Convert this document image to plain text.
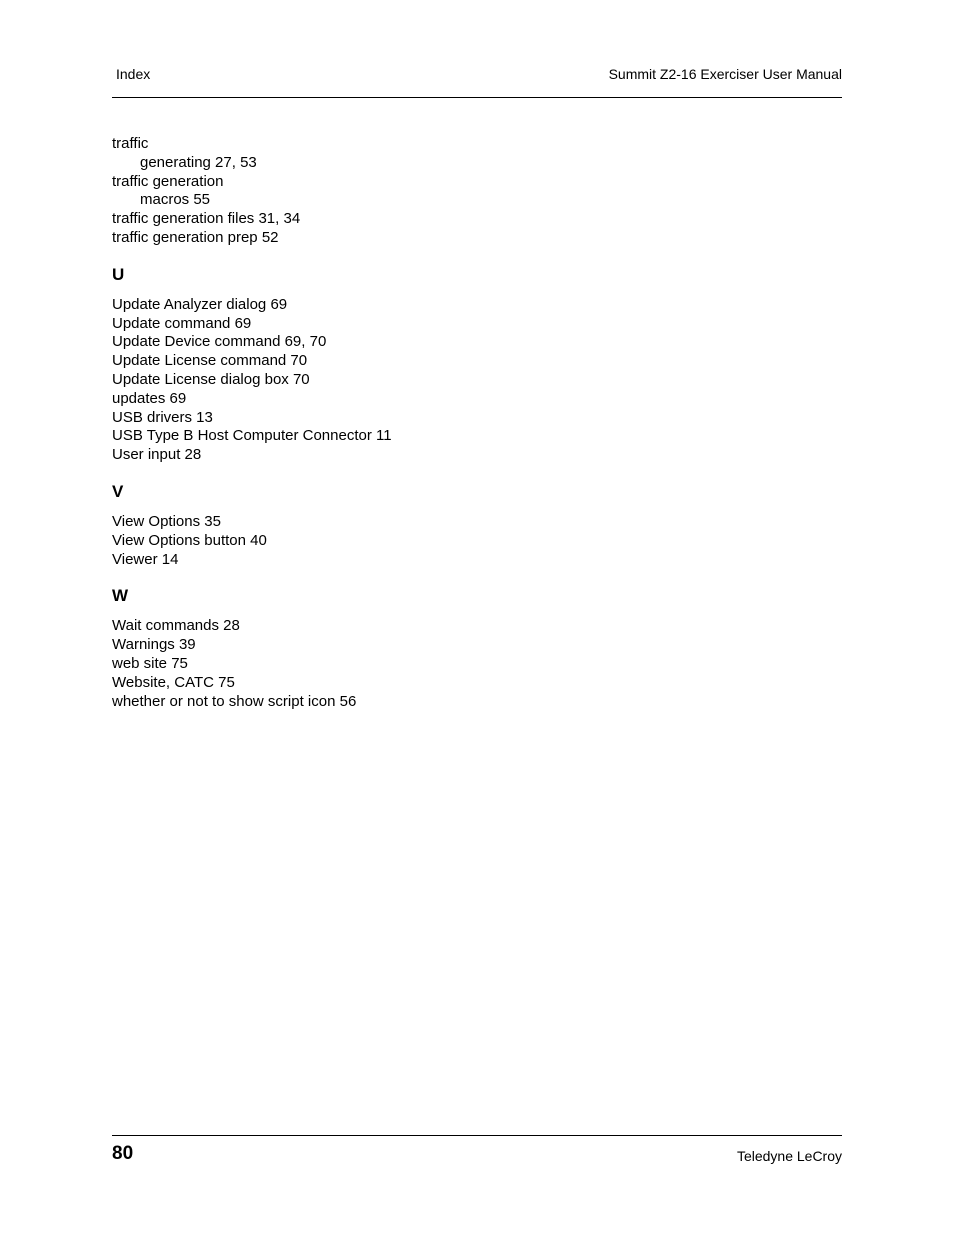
Index	Summit Z2-16 Exerciser User Manual
traffic
generating 27, 53
traffic generation
macros 55
traffic generation files 31, 34
traffic generation prep 52
U
Update Analyzer dialog 69
Update command 69
Update Device command 69, 70
Update License command 70
Update License dialog box 70
updates 69
USB drivers 13
USB Type B Host Computer Connector 11
User input 28
V
View Options 35
View Options button 40
Viewer 14
W
Wait commands 28
Warnings 39
web site 75
Website, CATC 75
whether or not to show script icon 56
80	Teledyne LeCroy
